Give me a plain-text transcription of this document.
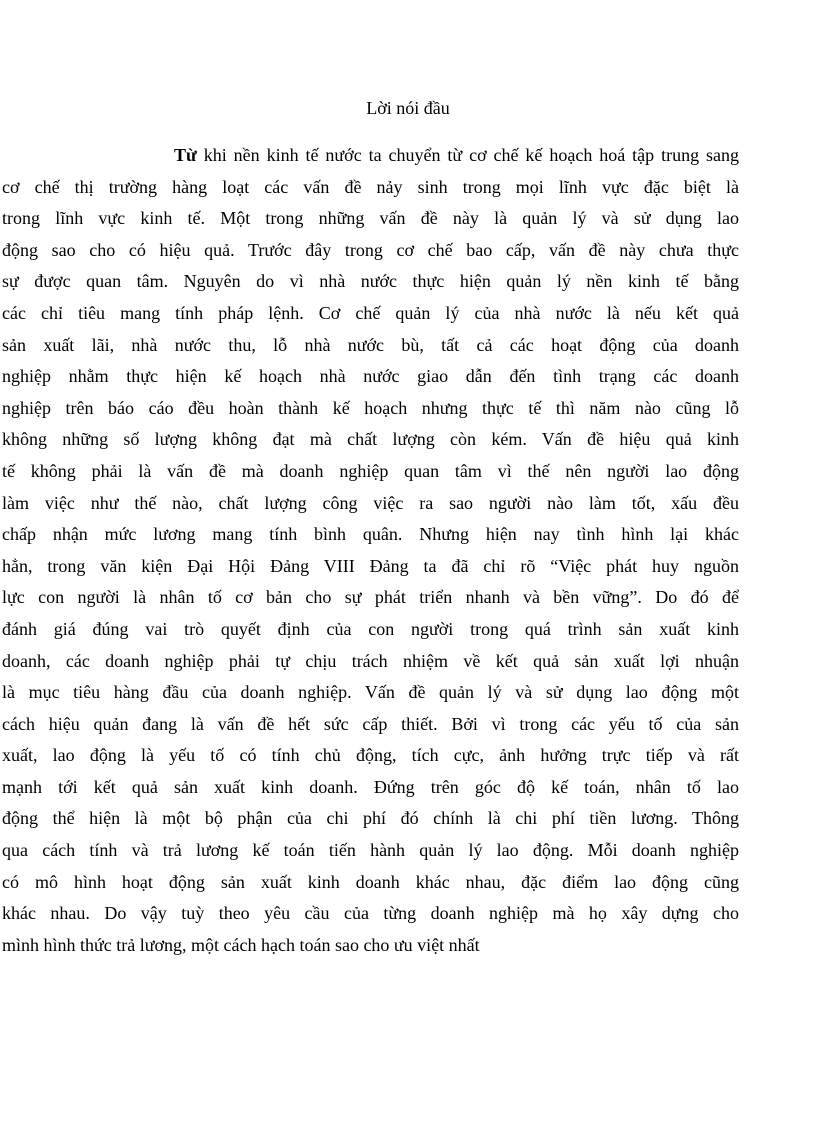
Lời nói đầu
Từ khi nền kinh tế nước ta chuyển từ cơ chế kế hoạch hoá tập trung sang
cơ chế thị trường hàng loạt các vấn đề nảy sinh trong mọi lĩnh vực đặc biệt là
trong lĩnh vực kinh tế. Một trong những vấn đề này là quản lý và sử dụng lao
động sao cho có hiệu quả. Trước đây trong cơ chế bao cấp, vấn đề này chưa thực
sự được quan tâm. Nguyên do vì nhà nước thực hiện quản lý nền kinh tế bằng
các chỉ tiêu mang tính pháp lệnh. Cơ chế quản lý của nhà nước là nếu kết quả
sản xuất lãi, nhà nước thu, lỗ nhà nước bù, tất cả các hoạt động của doanh
nghiệp nhằm thực hiện kế hoạch nhà nước giao dẫn đến tình trạng các doanh
nghiệp trên báo cáo đều hoàn thành kế hoạch nhưng thực tế thì năm nào cũng lỗ
không những số lượng không đạt mà chất lượng còn kém. Vấn đề hiệu quả kinh
tế không phải là vấn đề mà doanh nghiệp quan tâm vì thế nên người lao động
làm việc như thế nào, chất lượng công việc ra sao người nào làm tốt, xấu đều
chấp nhận mức lương mang tính bình quân. Nhưng hiện nay tình hình lại khác
hẳn, trong văn kiện Đại Hội Đảng VIII Đảng ta đã chỉ rõ “Việc phát huy nguồn
lực con người là nhân tố cơ bản cho sự phát triển nhanh và bền vững”. Do đó để
đánh giá đúng vai trò quyết định của con người trong quá trình sản xuất kinh
doanh, các doanh nghiệp phải tự chịu trách nhiệm về kết quả sản xuất lợi nhuận
là mục tiêu hàng đầu của doanh nghiệp. Vấn đề quản lý và sử dụng lao động một
cách hiệu quản đang là vấn đề hết sức cấp thiết. Bởi vì trong các yếu tố của sản
xuất, lao động là yếu tố có tính chủ động, tích cực, ảnh hưởng trực tiếp và rất
mạnh tới kết quả sản xuất kinh doanh. Đứng trên góc độ kế toán, nhân tố lao
động thể hiện là một bộ phận của chi phí đó chính là chi phí tiền lương. Thông
qua cách tính và trả lương kế toán tiến hành quản lý lao động. Mỗi doanh nghiệp
có mô hình hoạt động sản xuất kinh doanh khác nhau, đặc điểm lao động cũng
khác nhau. Do vậy tuỳ theo yêu cầu của từng doanh nghiệp mà họ xây dựng cho
mình hình thức trả lương, một cách hạch toán sao cho ưu việt nhất
